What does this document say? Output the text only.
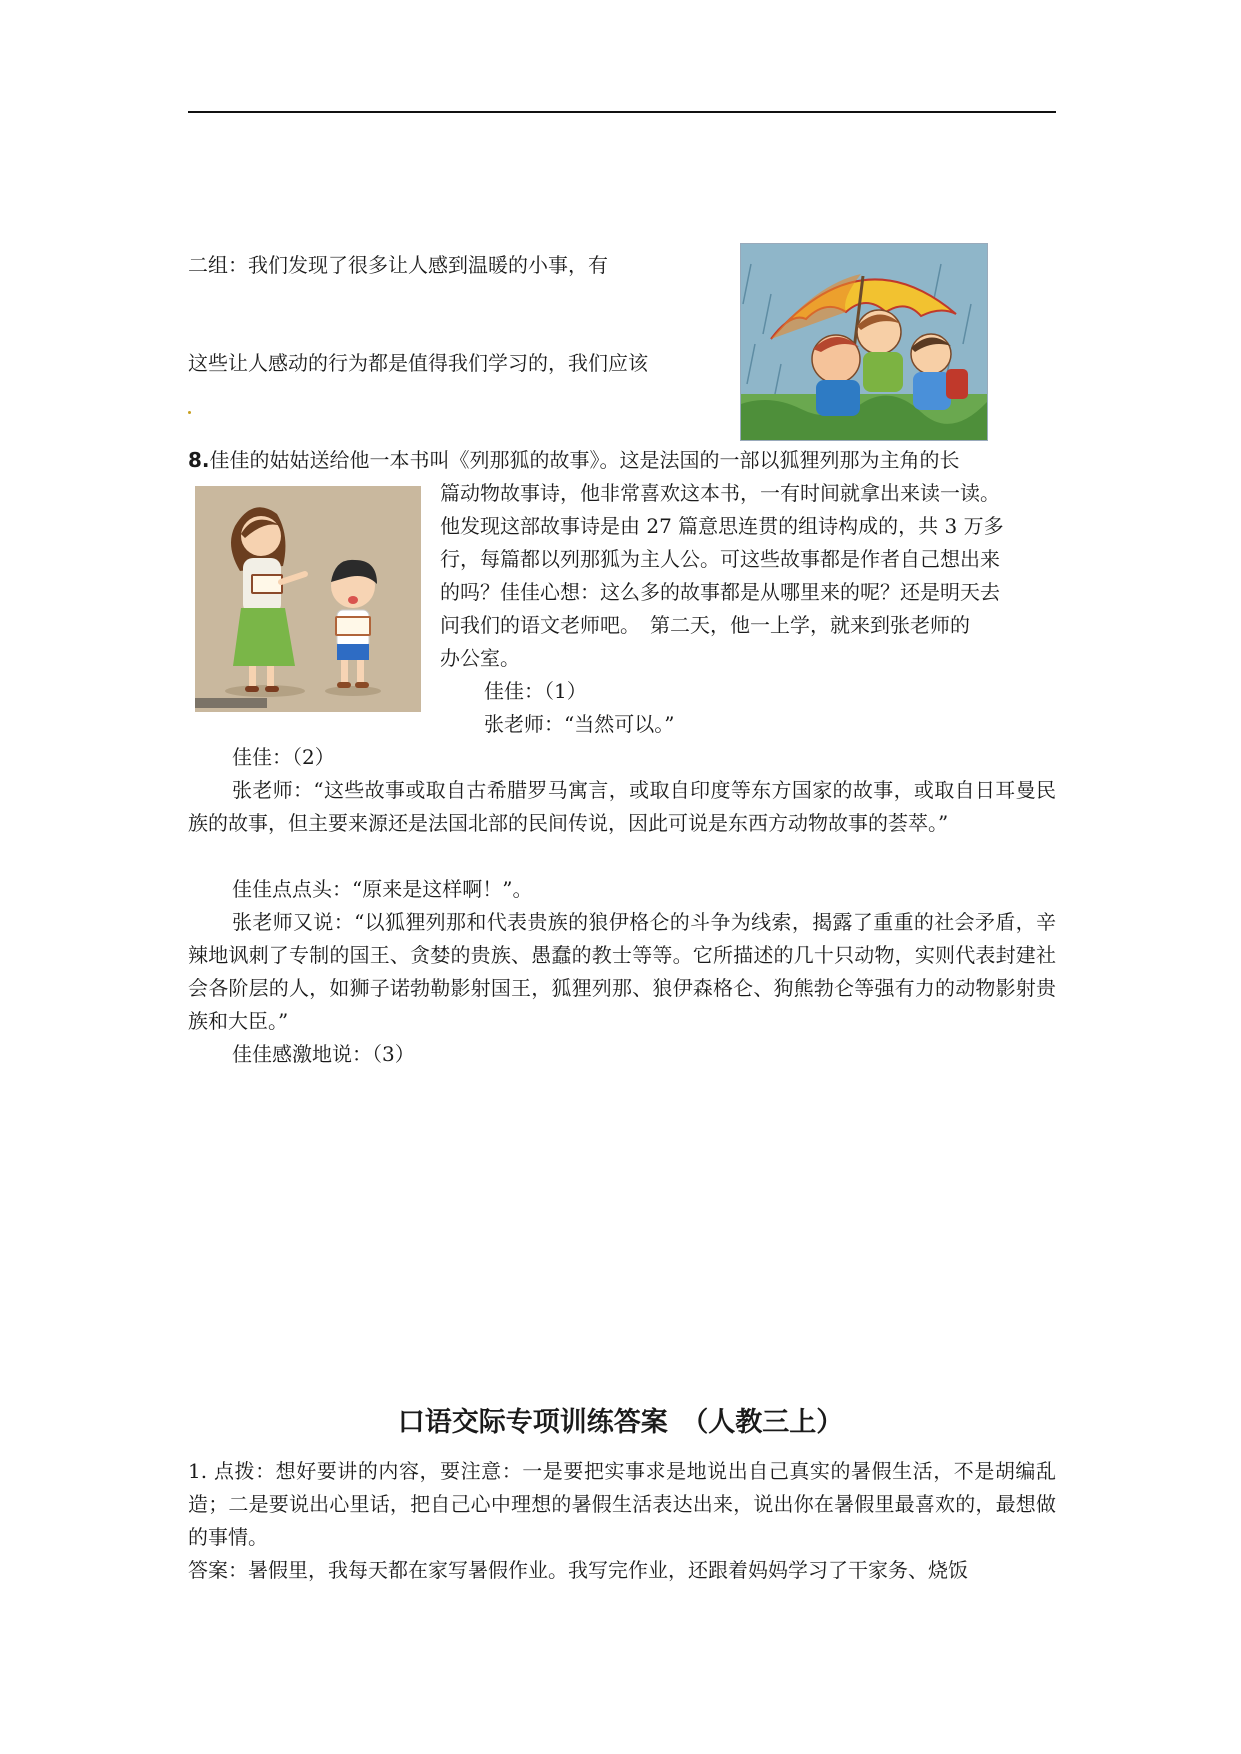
二组：我们发现了很多让人感到温暖的小事，有
这些让人感动的行为都是值得我们学习的，我们应该
8.佳佳的姑姑送给他一本书叫《列那狐的故事》。这是法国的一部以狐狸列那为主角的长
篇动物故事诗，他非常喜欢这本书，一有时间就拿出来读一读。
他发现这部故事诗是由 27 篇意思连贯的组诗构成的，共 3 万多
行，每篇都以列那狐为主人公。可这些故事都是作者自己想出来
的吗？佳佳心想：这么多的故事都是从哪里来的呢？还是明天去
问我们的语文老师吧。　第二天，他一上学，就来到张老师的
办公室。
佳佳：（1）
张老师：“当然可以。”
佳佳：（2）
张老师：“这些故事或取自古希腊罗马寓言，或取自印度等东方国家的故事，或取自日耳曼民族的故事，但主要来源还是法国北部的民间传说，因此可说是东西方动物故事的荟萃。”
佳佳点点头：“原来是这样啊！”。
张老师又说：“以狐狸列那和代表贵族的狼伊格仑的斗争为线索，揭露了重重的社会矛盾，辛辣地讽刺了专制的国王、贪婪的贵族、愚蠢的教士等等。它所描述的几十只动物，实则代表封建社会各阶层的人，如狮子诺勃勒影射国王，狐狸列那、狼伊森格仑、狗熊勃仑等强有力的动物影射贵族和大臣。”
佳佳感激地说：（3）
口语交际专项训练答案　（人教三上）
1. 点拨：想好要讲的内容，要注意：一是要把实事求是地说出自己真实的暑假生活，不是胡编乱造；二是要说出心里话，把自己心中理想的暑假生活表达出来，说出你在暑假里最喜欢的，最想做的事情。
答案：暑假里，我每天都在家写暑假作业。我写完作业，还跟着妈妈学习了干家务、烧饭
